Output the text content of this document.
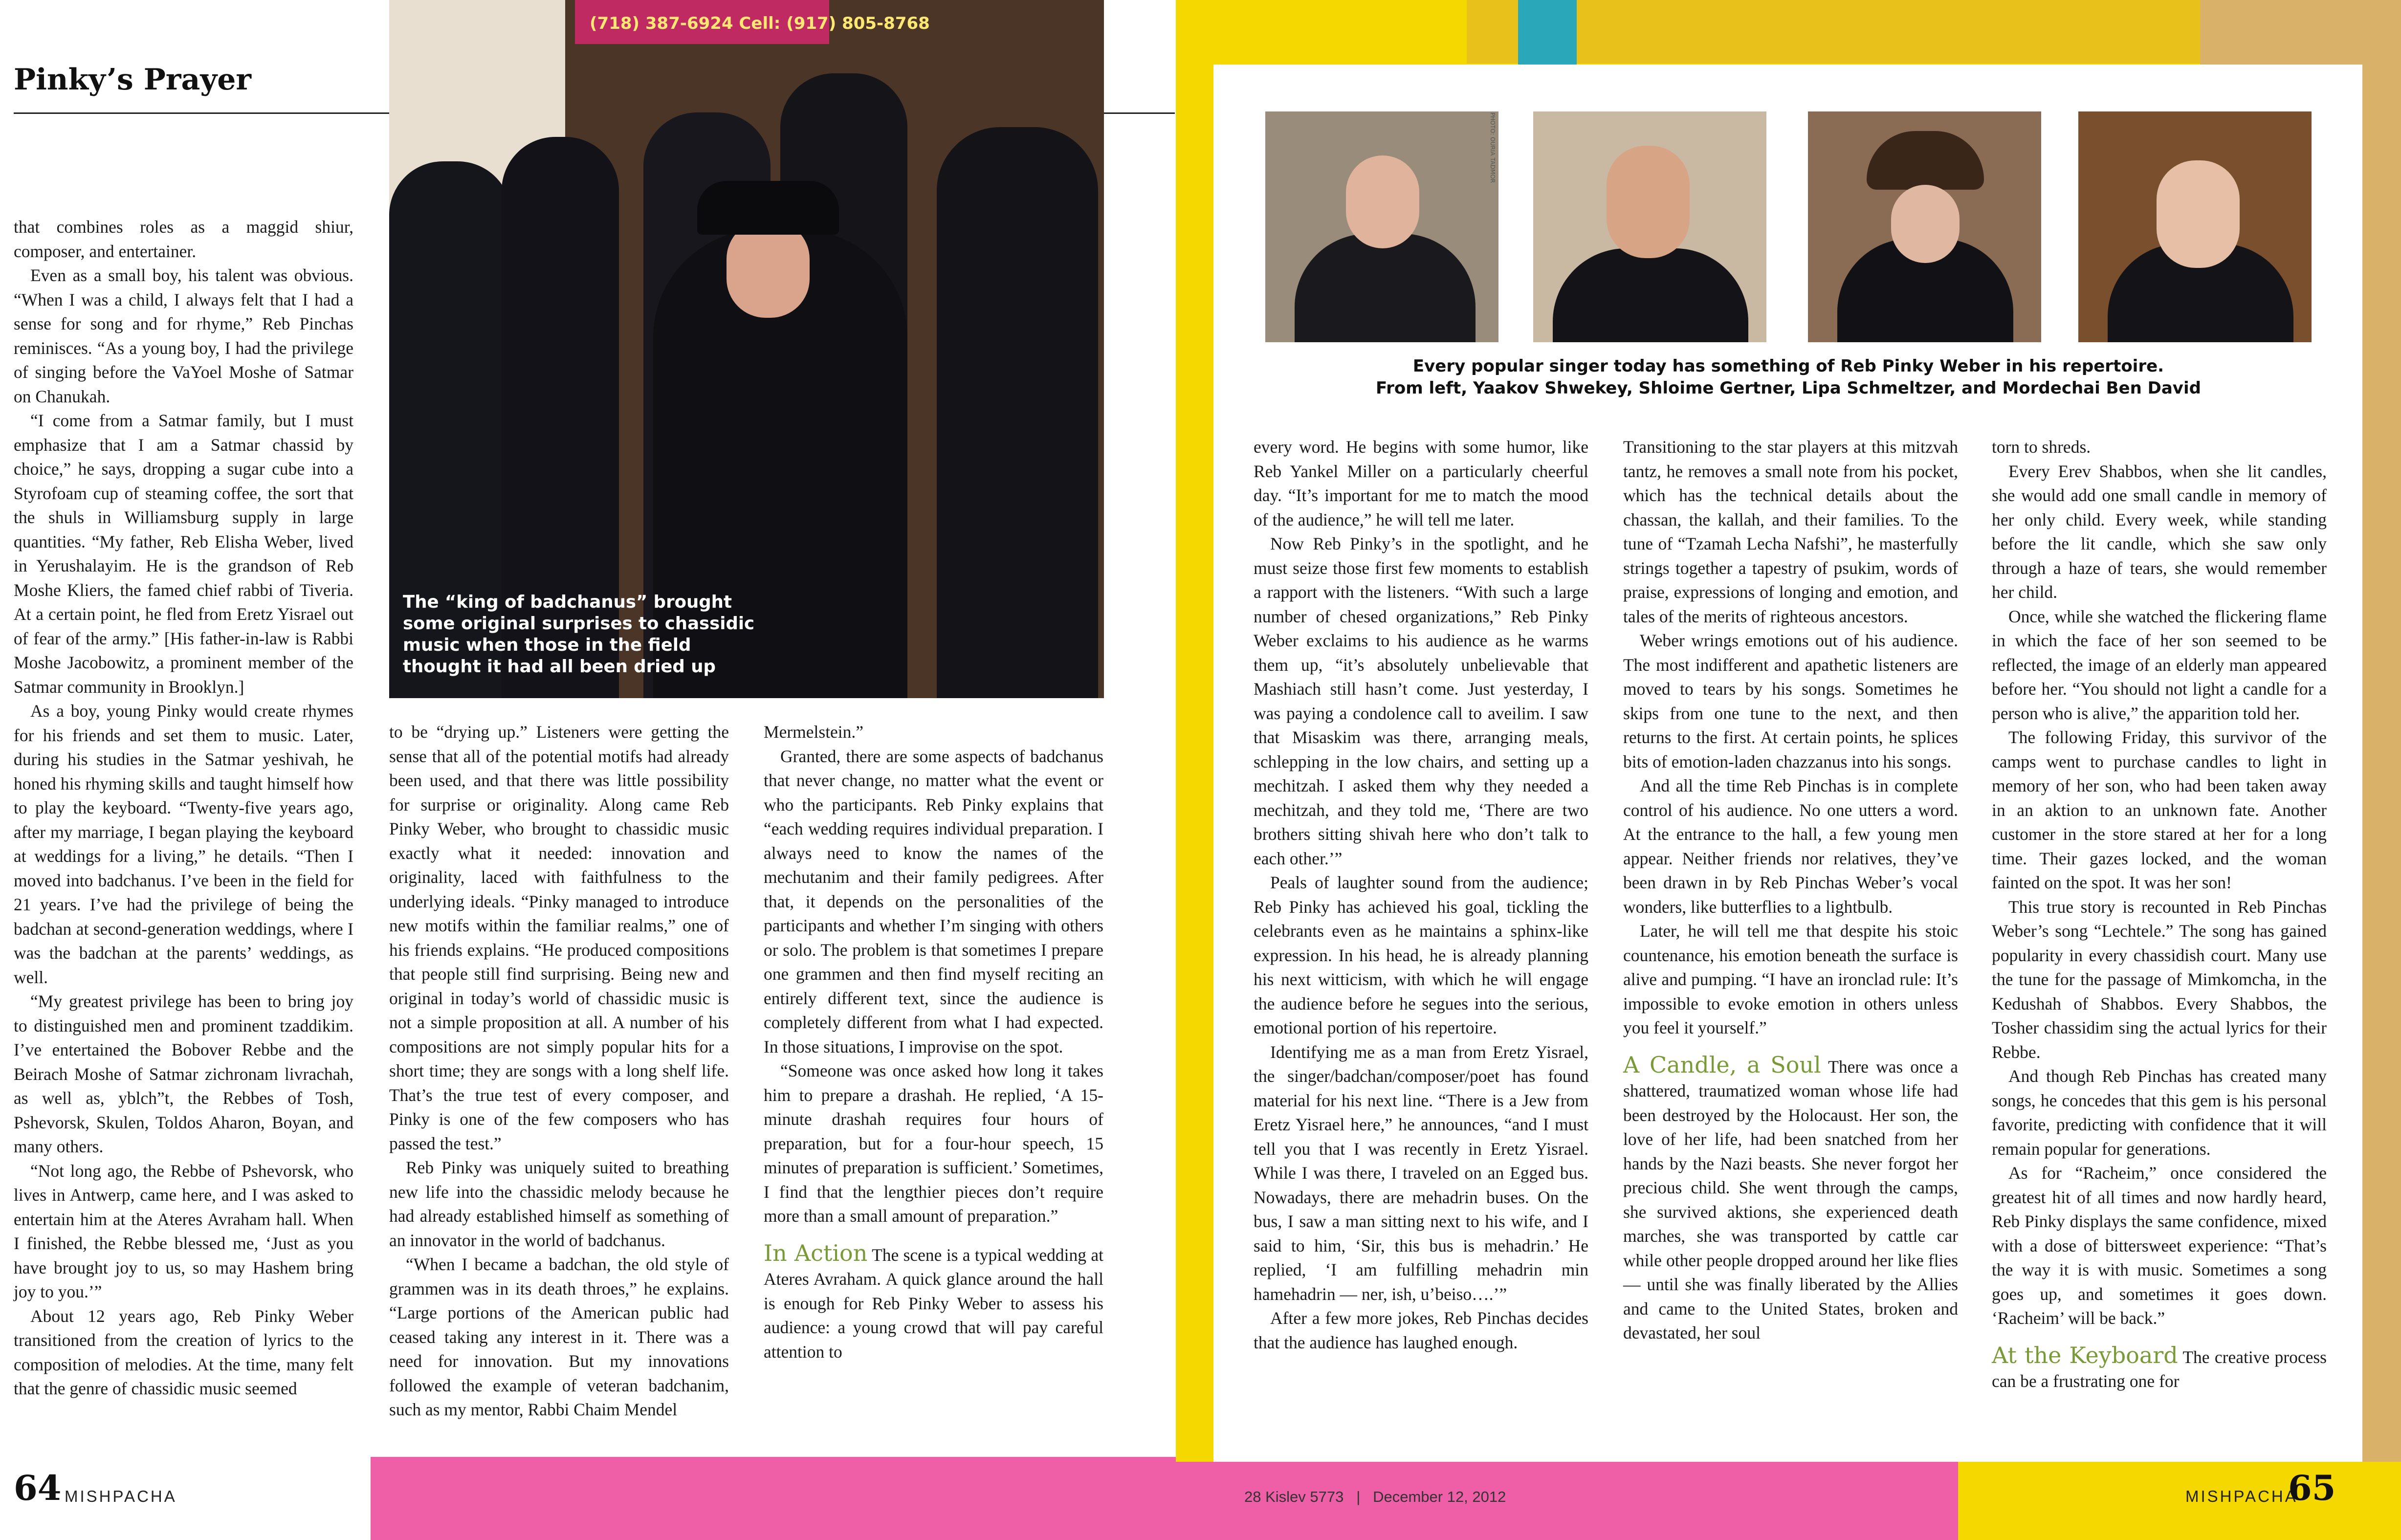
Pinky’s Prayer
(718) 387-6924 Cell: (917) 805-8768
The “king of badchanus” brought some original surprises to chassidic
music when those in the field thought it had all been dried up

that combines roles as a maggid shiur, composer, and entertainer.

Even as a small boy, his talent was obvious. “When I was a child, I always felt that I had a sense for song and for rhyme,” Reb Pinchas reminisces. “As a young boy, I had the privilege of singing before the VaYoel Moshe of Satmar on Chanukah.

“I come from a Satmar family, but I must emphasize that I am a Satmar chassid by choice,” he says, dropping a sugar cube into a Styrofoam cup of steaming coffee, the sort that the shuls in Williamsburg supply in large quantities. “My father, Reb Elisha Weber, lived in Yerushalayim. He is the grandson of Reb Moshe Kliers, the famed chief rabbi of Tiveria. At a certain point, he fled from Eretz Yisrael out of fear of the army.” [His father-in-law is Rabbi Moshe Jacobowitz, a prominent member of the Satmar community in Brooklyn.]

As a boy, young Pinky would create rhymes for his friends and set them to music. Later, during his studies in the Satmar yeshivah, he honed his rhyming skills and taught himself how to play the keyboard. “Twenty-five years ago, after my marriage, I began playing the keyboard at weddings for a living,” he details. “Then I moved into badchanus. I’ve been in the field for 21 years. I’ve had the privilege of being the badchan at second-generation weddings, where I was the badchan at the parents’ weddings, as well.

“My greatest privilege has been to bring joy to distinguished men and prominent tzaddikim. I’ve entertained the Bobover Rebbe and the Beirach Moshe of Satmar zichronam livrachah, as well as, yblch”t, the Rebbes of Tosh, Pshevorsk, Skulen, Toldos Aharon, Boyan, and many others.

“Not long ago, the Rebbe of Pshevorsk, who lives in Antwerp, came here, and I was asked to entertain him at the Ateres Avraham hall. When I finished, the Rebbe blessed me, ‘Just as you have brought joy to us, so may Hashem bring joy to you.’”

About 12 years ago, Reb Pinky Weber transitioned from the creation of lyrics to the composition of melodies. At the time, many felt that the genre of chassidic music seemed

to be “drying up.” Listeners were getting the sense that all of the potential motifs had already been used, and that there was little possibility for surprise or originality. Along came Reb Pinky Weber, who brought to chassidic music exactly what it needed: innovation and originality, laced with faithfulness to the underlying ideals. “Pinky managed to introduce new motifs within the familiar realms,” one of his friends explains. “He produced compositions that people still find surprising. Being new and original in today’s world of chassidic music is not a simple proposition at all. A number of his compositions are not simply popular hits for a short time; they are songs with a long shelf life. That’s the true test of every composer, and Pinky is one of the few composers who has passed the test.”

Reb Pinky was uniquely suited to breathing new life into the chassidic melody because he had already established himself as something of an innovator in the world of badchanus.

“When I became a badchan, the old style of grammen was in its death throes,” he explains. “Large portions of the American public had ceased taking any interest in it. There was a need for innovation. But my innovations followed the example of veteran badchanim, such as my mentor, Rabbi Chaim Mendel

Mermelstein.”

Granted, there are some aspects of badchanus that never change, no matter what the event or who the participants. Reb Pinky explains that “each wedding requires individual preparation. I always need to know the names of the mechutanim and their family pedigrees. After that, it depends on the personalities of the participants and whether I’m singing with others or solo. The problem is that sometimes I prepare one grammen and then find myself reciting an entirely different text, since the audience is completely different from what I had expected. In those situations, I improvise on the spot.

“Someone was once asked how long it takes him to prepare a drashah. He replied, ‘A 15-minute drashah requires four hours of preparation, but for a four-hour speech, 15 minutes of preparation is sufficient.’ Sometimes, I find that the lengthier pieces don’t require more than a small amount of preparation.”

In Action The scene is a typical wedding at Ateres Avraham. A quick glance around the hall is enough for Reb Pinky Weber to assess his audience: a young crowd that will pay careful attention to

PHOTO: OURIA TADMOR
Every popular singer today has something of Reb Pinky Weber in his repertoire.
From left, Yaakov Shwekey, Shloime Gertner, Lipa Schmeltzer, and Mordechai Ben David

every word. He begins with some humor, like Reb Yankel Miller on a particularly cheerful day. “It’s important for me to match the mood of the audience,” he will tell me later.

Now Reb Pinky’s in the spotlight, and he must seize those first few moments to establish a rapport with the listeners. “With such a large number of chesed organizations,” Reb Pinky Weber exclaims to his audience as he warms them up, “it’s absolutely unbelievable that Mashiach still hasn’t come. Just yesterday, I was paying a condolence call to aveilim. I saw that Misaskim was there, arranging meals, schlepping in the low chairs, and setting up a mechitzah. I asked them why they needed a mechitzah, and they told me, ‘There are two brothers sitting shivah here who don’t talk to each other.’”

Peals of laughter sound from the audience; Reb Pinky has achieved his goal, tickling the celebrants even as he maintains a sphinx-like expression. In his head, he is already planning his next witticism, with which he will engage the audience before he segues into the serious, emotional portion of his repertoire.

Identifying me as a man from Eretz Yisrael, the singer/badchan/composer/poet has found material for his next line. “There is a Jew from Eretz Yisrael here,” he announces, “and I must tell you that I was recently in Eretz Yisrael. While I was there, I traveled on an Egged bus. Nowadays, there are mehadrin buses. On the bus, I saw a man sitting next to his wife, and I said to him, ‘Sir, this bus is mehadrin.’ He replied, ‘I am fulfilling mehadrin min hamehadrin — ner, ish, u’beiso….’”

After a few more jokes, Reb Pinchas decides that the audience has laughed enough.

Transitioning to the star players at this mitzvah tantz, he removes a small note from his pocket, which has the technical details about the chassan, the kallah, and their families. To the tune of “Tzamah Lecha Nafshi”, he masterfully strings together a tapestry of psukim, words of praise, expressions of longing and emotion, and tales of the merits of righteous ancestors.

Weber wrings emotions out of his audience. The most indifferent and apathetic listeners are moved to tears by his songs. Sometimes he skips from one tune to the next, and then returns to the first. At certain points, he splices bits of emotion-laden chazzanus into his songs.

And all the time Reb Pinchas is in complete control of his audience. No one utters a word. At the entrance to the hall, a few young men appear. Neither friends nor relatives, they’ve been drawn in by Reb Pinchas Weber’s vocal wonders, like butterflies to a lightbulb.

Later, he will tell me that despite his stoic countenance, his emotion beneath the surface is alive and pumping. “I have an ironclad rule: It’s impossible to evoke emotion in others unless you feel it yourself.”

A Candle, a Soul There was once a shattered, traumatized woman whose life had been destroyed by the Holocaust. Her son, the love of her life, had been snatched from her hands by the Nazi beasts. She never forgot her precious child. She went through the camps, she survived aktions, she experienced death marches, she was transported by cattle car while other people dropped around her like flies — until she was finally liberated by the Allies and came to the United States, broken and devastated, her soul

torn to shreds.

Every Erev Shabbos, when she lit candles, she would add one small candle in memory of her only child. Every week, while standing before the lit candle, which she saw only through a haze of tears, she would remember her child.

Once, while she watched the flickering flame in which the face of her son seemed to be reflected, the image of an elderly man appeared before her. “You should not light a candle for a person who is alive,” the apparition told her.

The following Friday, this survivor of the camps went to purchase candles to light in memory of her son, who had been taken away in an aktion to an unknown fate. Another customer in the store stared at her for a long time. Their gazes locked, and the woman fainted on the spot. It was her son!

This true story is recounted in Reb Pinchas Weber’s song “Lechtele.” The song has gained popularity in every chassidish court. Many use the tune for the passage of Mimkomcha, in the Kedushah of Shabbos. Every Shabbos, the Tosher chassidim sing the actual lyrics for their Rebbe.

And though Reb Pinchas has created many songs, he concedes that this gem is his personal favorite, predicting with confidence that it will remain popular for generations.

As for “Racheim,” once considered the greatest hit of all times and now hardly heard, Reb Pinky displays the same confidence, mixed with a dose of bittersweet experience: “That’s the way it is with music. Sometimes a song goes up, and sometimes it goes down. ‘Racheim’ will be back.”

At the Keyboard The creative process can be a frustrating one for

64 MISHPACHA	28 Kislev 5773   |   December 12, 2012	MISHPACHA
65
